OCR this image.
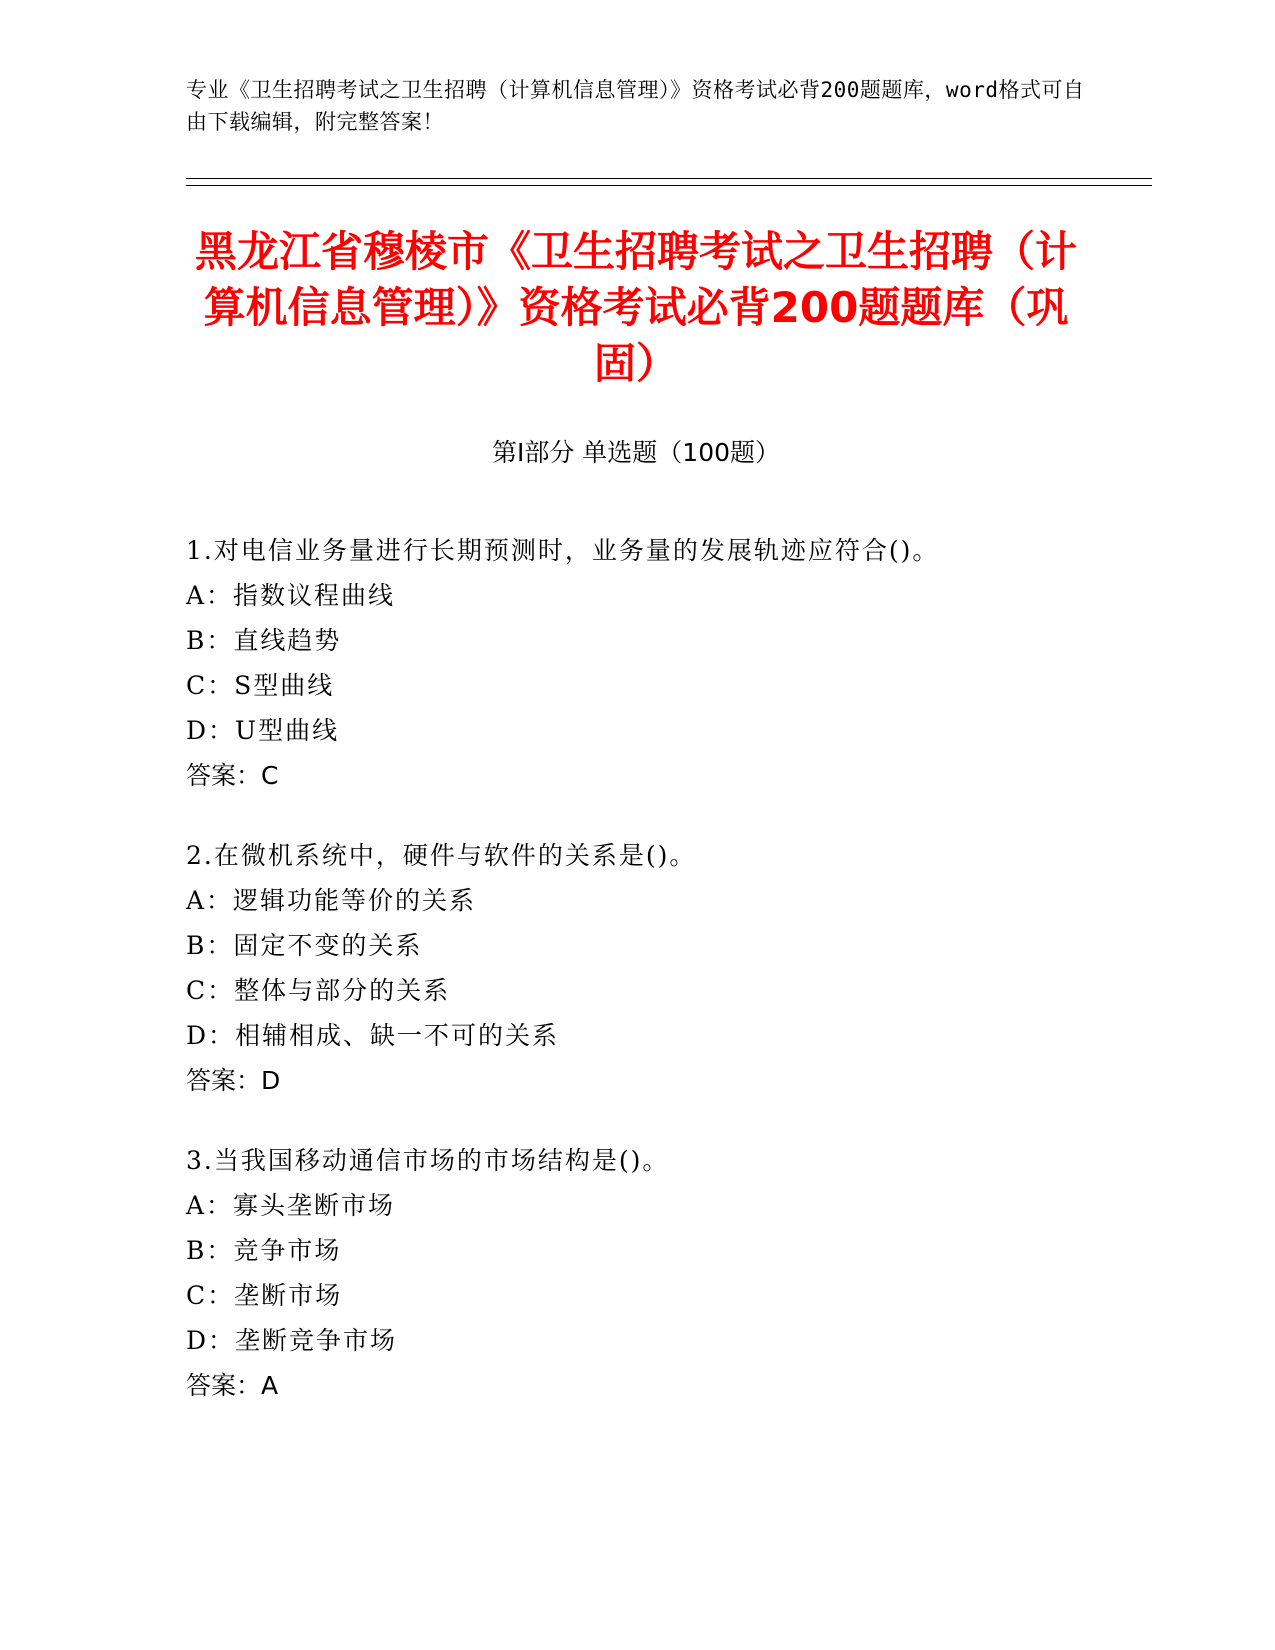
专业《卫生招聘考试之卫生招聘（计算机信息管理）》资格考试必背200题题库，word格式可自由下载编辑，附完整答案！
黑龙江省穆棱市《卫生招聘考试之卫生招聘（计算机信息管理）》资格考试必背200题题库（巩固）
第I部分 单选题（100题）
1.对电信业务量进行长期预测时，业务量的发展轨迹应符合()。
A：指数议程曲线
B：直线趋势
C：S型曲线
D：U型曲线
答案：C
2.在微机系统中，硬件与软件的关系是()。
A：逻辑功能等价的关系
B：固定不变的关系
C：整体与部分的关系
D：相辅相成、缺一不可的关系
答案：D
3.当我国移动通信市场的市场结构是()。
A：寡头垄断市场
B：竞争市场
C：垄断市场
D：垄断竞争市场
答案：A
